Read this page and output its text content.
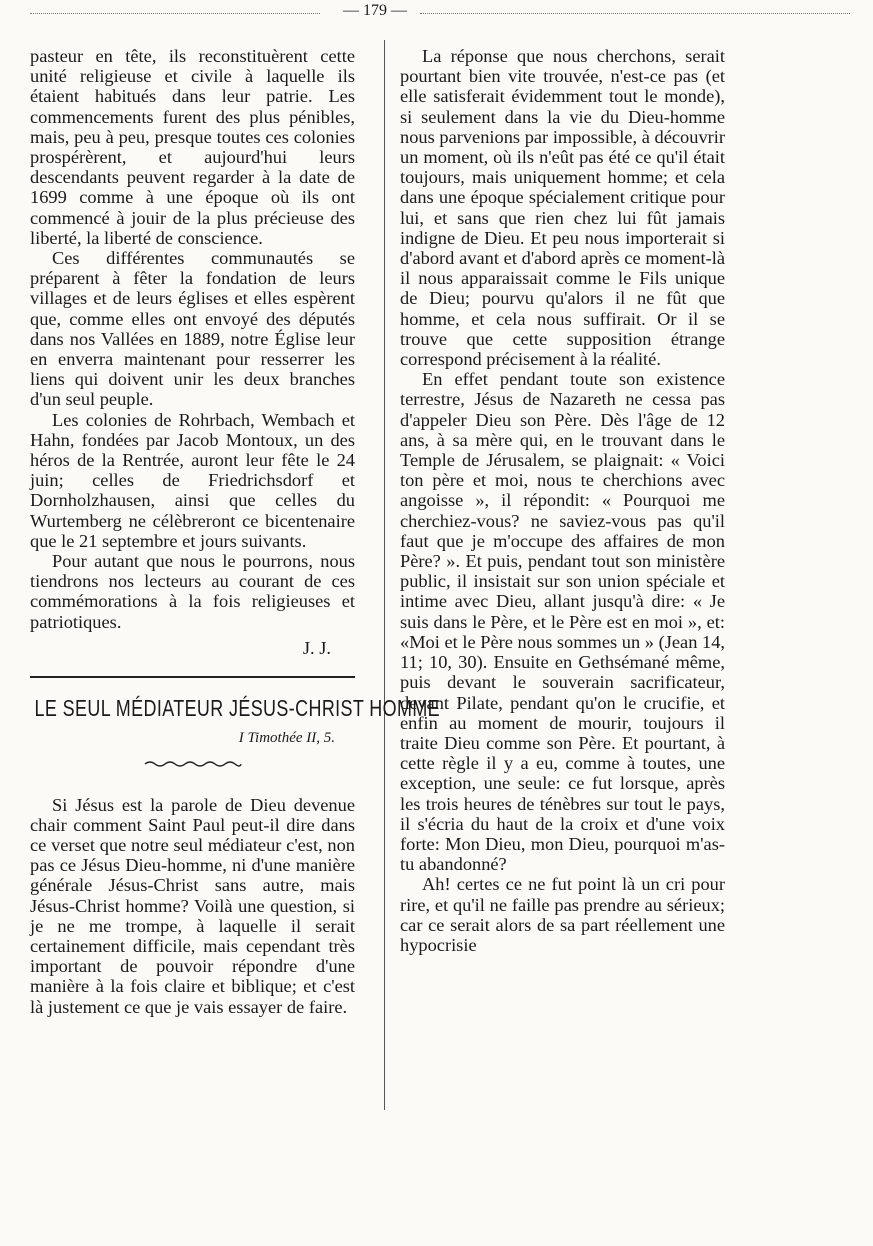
— 179 —

pasteur en tête, ils reconstituèrent cette unité religieuse et civile à laquelle ils étaient habitués dans leur patrie. Les commencements furent des plus pénibles, mais, peu à peu, presque toutes ces colonies prospérèrent, et aujourd'hui leurs descendants peuvent regarder à la date de 1699 comme à une époque où ils ont commencé à jouir de la plus précieuse des liberté, la liberté de conscience.

Ces différentes communautés se préparent à fêter la fondation de leurs villages et de leurs églises et elles espèrent que, comme elles ont envoyé des députés dans nos Vallées en 1889, notre Église leur en enverra maintenant pour resserrer les liens qui doivent unir les deux branches d'un seul peuple.

Les colonies de Rohrbach, Wembach et Hahn, fondées par Jacob Montoux, un des héros de la Rentrée, auront leur fête le 24 juin; celles de Friedrichsdorf et Dornholzhausen, ainsi que celles du Wurtemberg ne célèbreront ce bicentenaire que le 21 septembre et jours suivants.

Pour autant que nous le pourrons, nous tiendrons nos lecteurs au courant de ces commémorations à la fois religieuses et patriotiques.

J. J.
LE SEUL MÉDIATEUR JÉSUS-CHRIST HOMME
I Timothée II, 5.

Si Jésus est la parole de Dieu devenue chair comment Saint Paul peut-il dire dans ce verset que notre seul médiateur c'est, non pas ce Jésus Dieu-homme, ni d'une manière générale Jésus-Christ sans autre, mais Jésus-Christ homme? Voilà une question, si je ne me trompe, à laquelle il serait certainement difficile, mais cependant très important de pouvoir répondre d'une manière à la fois claire et biblique; et c'est là justement ce que je vais essayer de faire.

La réponse que nous cherchons, serait pourtant bien vite trouvée, n'est-ce pas (et elle satisferait évidemment tout le monde), si seulement dans la vie du Dieu-homme nous parvenions par impossible, à découvrir un moment, où ils n'eût pas été ce qu'il était toujours, mais uniquement homme; et cela dans une époque spécialement critique pour lui, et sans que rien chez lui fût jamais indigne de Dieu. Et peu nous importerait si d'abord avant et d'abord après ce moment-là il nous apparaissait comme le Fils unique de Dieu; pourvu qu'alors il ne fût que homme, et cela nous suffirait. Or il se trouve que cette supposition étrange correspond précisement à la réalité.

En effet pendant toute son existence terrestre, Jésus de Nazareth ne cessa pas d'appeler Dieu son Père. Dès l'âge de 12 ans, à sa mère qui, en le trouvant dans le Temple de Jérusalem, se plaignait: « Voici ton père et moi, nous te cherchions avec angoisse », il répondit: « Pourquoi me cherchiez-vous? ne saviez-vous pas qu'il faut que je m'occupe des affaires de mon Père? ». Et puis, pendant tout son ministère public, il insistait sur son union spéciale et intime avec Dieu, allant jusqu'à dire: « Je suis dans le Père, et le Père est en moi », et: «Moi et le Père nous sommes un » (Jean 14, 11; 10, 30). Ensuite en Gethsémané même, puis devant le souverain sacrificateur, devant Pilate, pendant qu'on le crucifie, et enfin au moment de mourir, toujours il traite Dieu comme son Père. Et pourtant, à cette règle il y a eu, comme à toutes, une exception, une seule: ce fut lorsque, après les trois heures de ténèbres sur tout le pays, il s'écria du haut de la croix et d'une voix forte: Mon Dieu, mon Dieu, pourquoi m'as-tu abandonné?

Ah! certes ce ne fut point là un cri pour rire, et qu'il ne faille pas prendre au sérieux; car ce serait alors de sa part réellement une hypocrisie
